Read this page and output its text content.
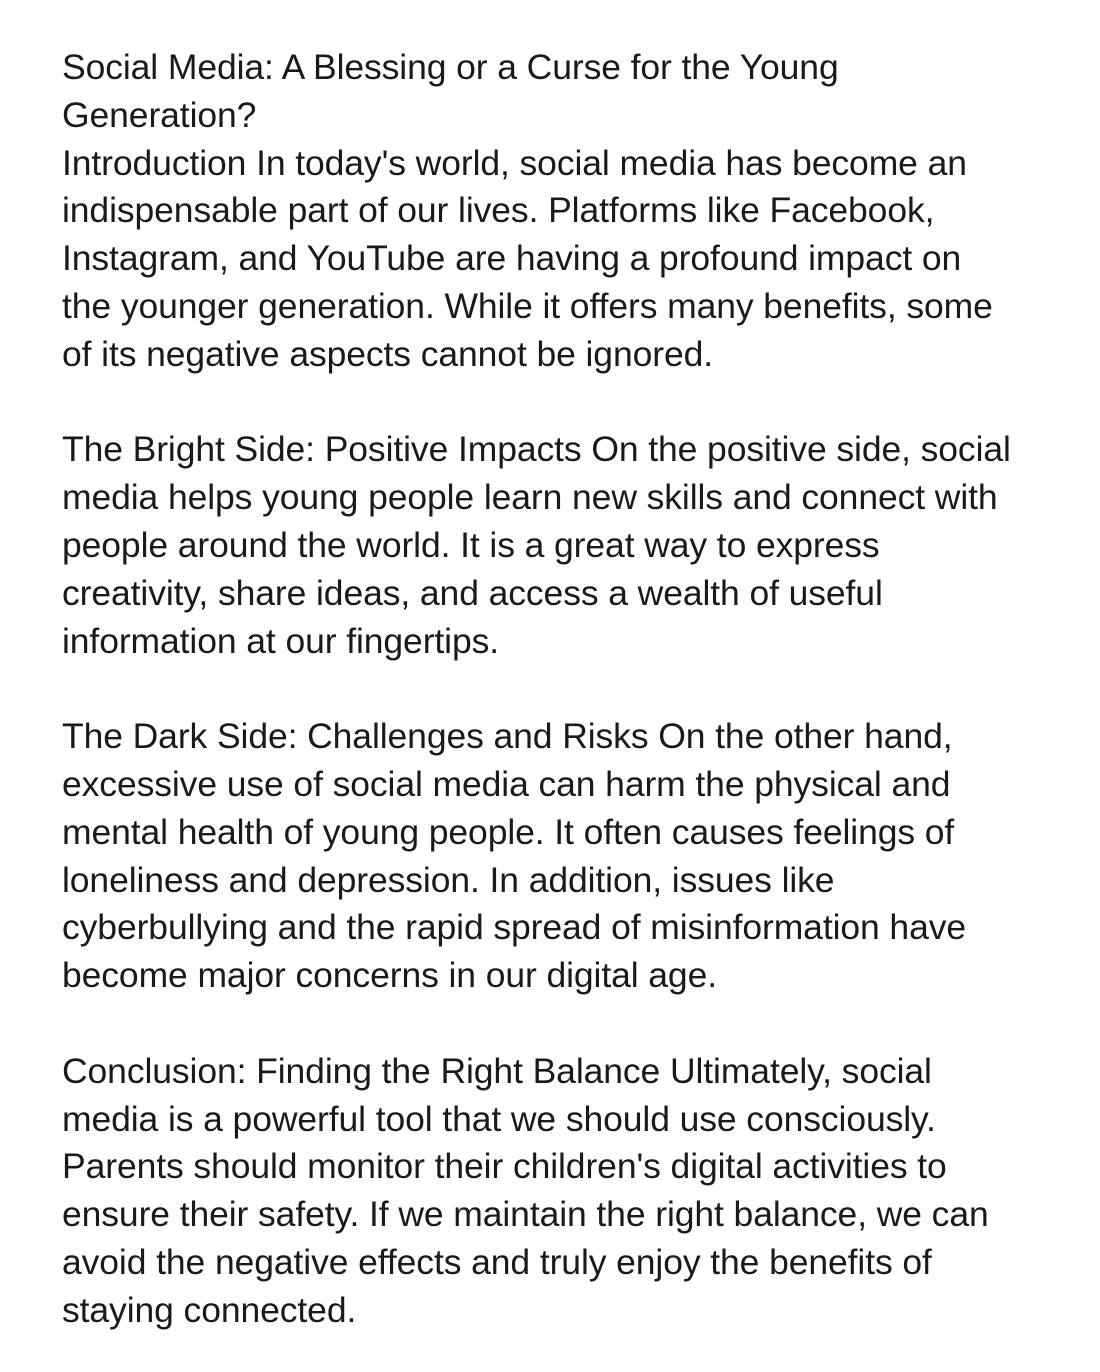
Social Media: A Blessing or a Curse for the Young
Generation?
Introduction In today's world, social media has become an
indispensable part of our lives. Platforms like Facebook,
Instagram, and YouTube are having a profound impact on
the younger generation. While it offers many benefits, some
of its negative aspects cannot be ignored.
The Bright Side: Positive Impacts On the positive side, social
media helps young people learn new skills and connect with
people around the world. It is a great way to express
creativity, share ideas, and access a wealth of useful
information at our fingertips.
The Dark Side: Challenges and Risks On the other hand,
excessive use of social media can harm the physical and
mental health of young people. It often causes feelings of
loneliness and depression. In addition, issues like
cyberbullying and the rapid spread of misinformation have
become major concerns in our digital age.
Conclusion: Finding the Right Balance Ultimately, social
media is a powerful tool that we should use consciously.
Parents should monitor their children's digital activities to
ensure their safety. If we maintain the right balance, we can
avoid the negative effects and truly enjoy the benefits of
staying connected.
